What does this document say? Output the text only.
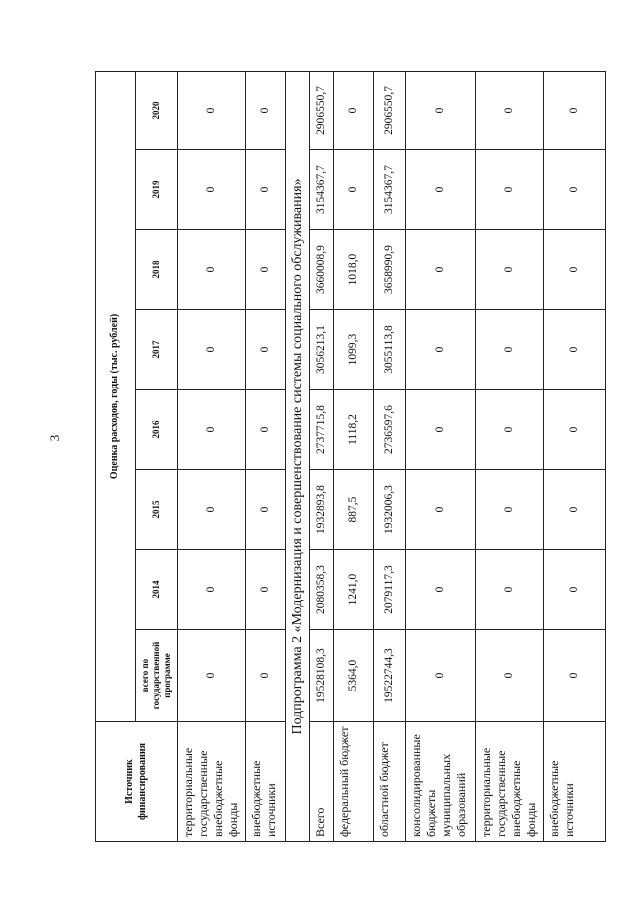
3
Источник финансирования	Оценка расходов, годы (тыс. рублей)							
	всего по государственной программе	2014	2015	2016	2017	2018	2019	2020
территориальные государственные внебюджетные фонды	0	0	0	0	0	0	0	0
внебюджетные источники	0	0	0	0	0	0	0	0
Подпрограмма 2 «Модернизация и совершенствование системы социального обслуживания»								
Всего	19528108,3	2080358,3	1932893,8	2737715,8	3056213,1	3660008,9	3154367,7	2906550,7
федеральный бюджет	5364,0	1241,0	887,5	1118,2	1099,3	1018,0	0	0
областной бюджет	19522744,3	2079117,3	1932006,3	2736597,6	3055113,8	3658990,9	3154367,7	2906550,7
консолидированные бюджеты муниципальных образований	0	0	0	0	0	0	0	0
территориальные государственные внебюджетные фонды	0	0	0	0	0	0	0	0
внебюджетные источники	0	0	0	0	0	0	0	0
